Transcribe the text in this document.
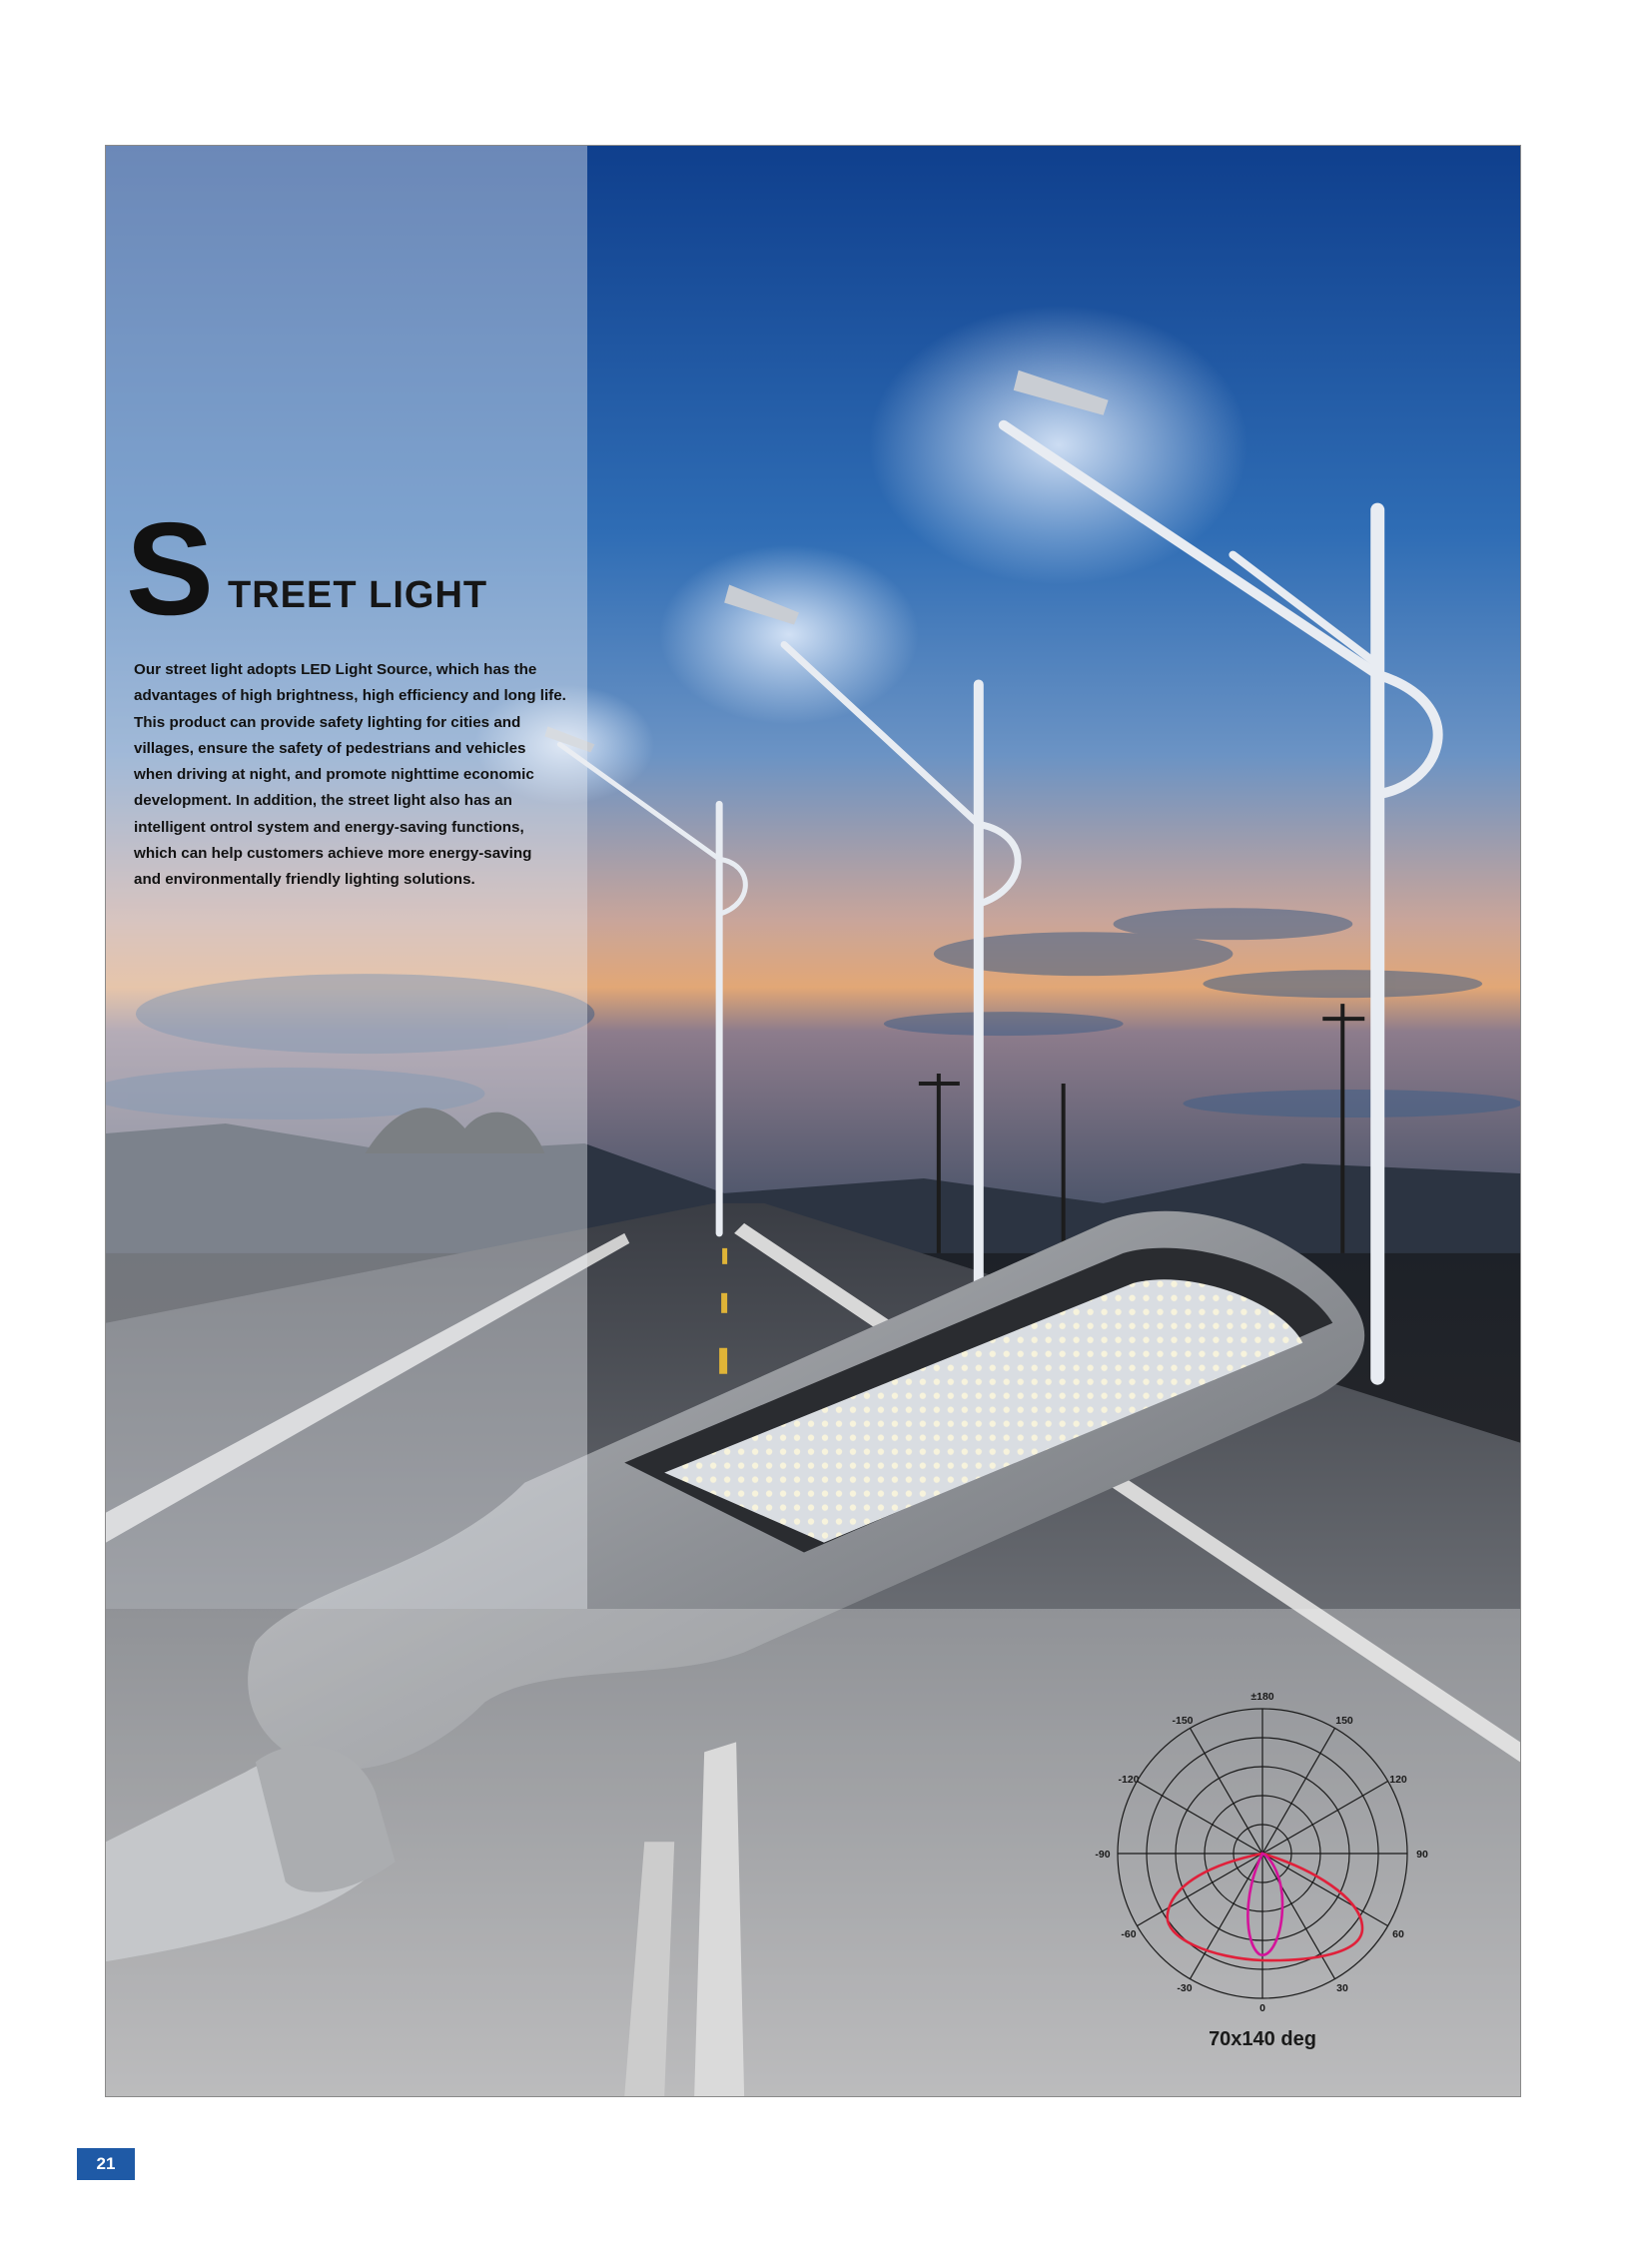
S TREET LIGHT

Our street light adopts LED Light Source, which has the
advantages of high brightness, high efficiency and long life.
This product can provide safety lighting for cities and
villages, ensure the safety of pedestrians and vehicles
when driving at night, and promote nighttime economic
development. In addition, the street light also has an
intelligent ontrol system and energy-saving functions,
which can help customers achieve more energy-saving
and environmentally friendly lighting solutions.

±180
-150	150
-120	120
-90	90
-60	60
-30	30
0
70x140 deg
21
